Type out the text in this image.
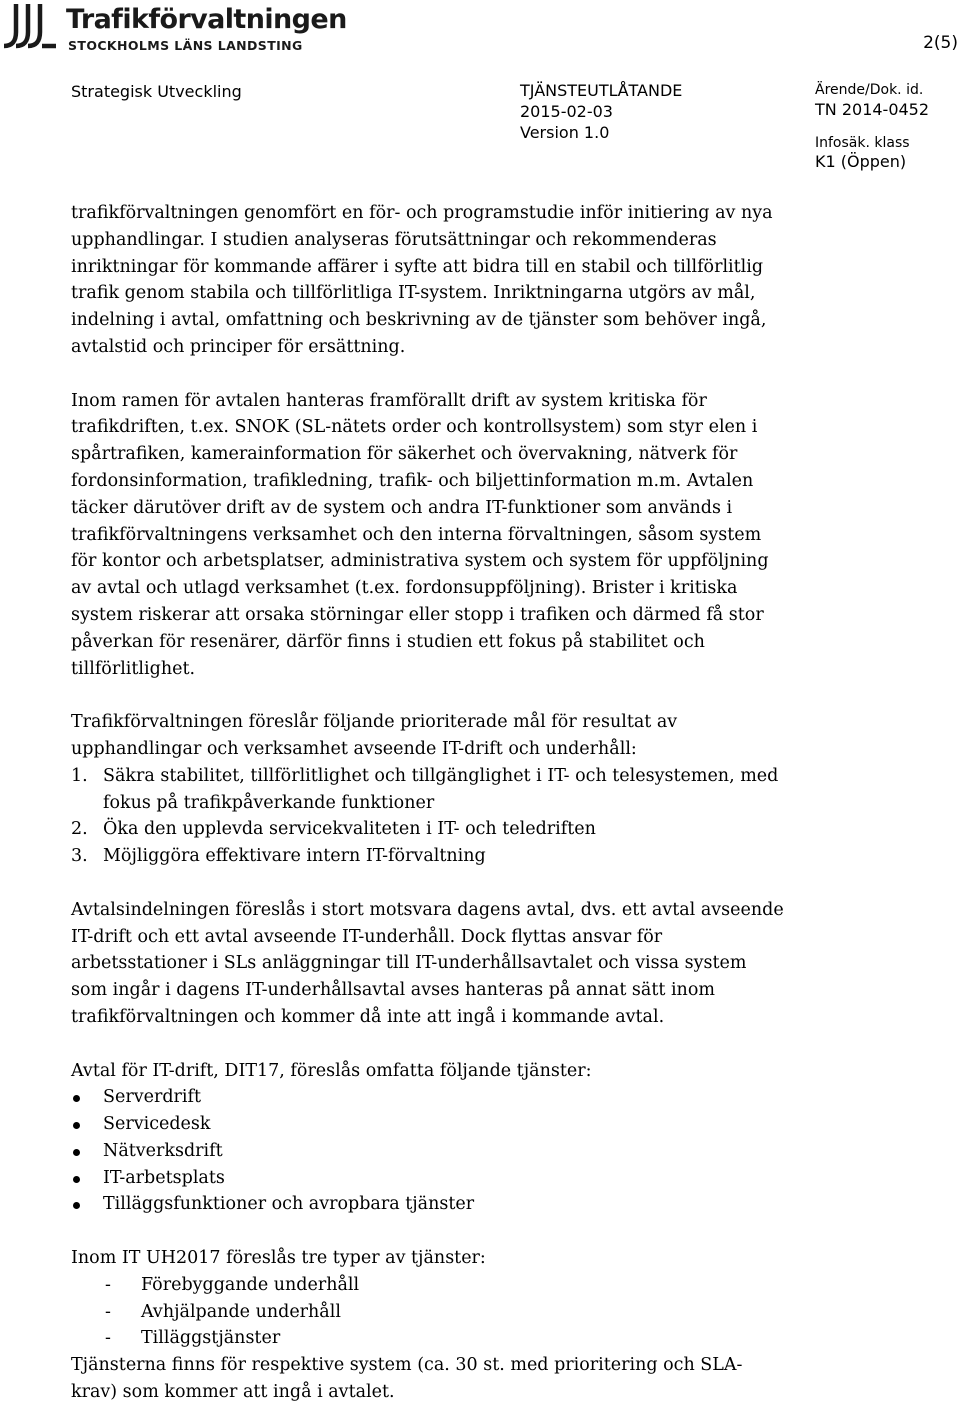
Trafikförvaltningen
STOCKHOLMS LÄNS LANDSTING	2(5)
Strategisk Utveckling	TJÄNSTEUTLÅTANDE
2015-02-03
Version 1.0
Ärende/Dok. id.
TN 2014-0452
Infosäk. klass
K1 (Öppen)
trafikförvaltningen genomfört en för- och programstudie inför initiering av nya
upphandlingar. I studien analyseras förutsättningar och rekommenderas
inriktningar för kommande affärer i syfte att bidra till en stabil och tillförlitlig
trafik genom stabila och tillförlitliga IT-system. Inriktningarna utgörs av mål,
indelning i avtal, omfattning och beskrivning av de tjänster som behöver ingå,
avtalstid och principer för ersättning.
Inom ramen för avtalen hanteras framförallt drift av system kritiska för
trafikdriften, t.ex. SNOK (SL-nätets order och kontrollsystem) som styr elen i
spårtrafiken, kamerainformation för säkerhet och övervakning, nätverk för
fordonsinformation, trafikledning, trafik- och biljettinformation m.m. Avtalen
täcker därutöver drift av de system och andra IT-funktioner som används i
trafikförvaltningens verksamhet och den interna förvaltningen, såsom system
för kontor och arbetsplatser, administrativa system och system för uppföljning
av avtal och utlagd verksamhet (t.ex. fordonsuppföljning). Brister i kritiska
system riskerar att orsaka störningar eller stopp i trafiken och därmed få stor
påverkan för resenärer, därför finns i studien ett fokus på stabilitet och
tillförlitlighet.
Trafikförvaltningen föreslår följande prioriterade mål för resultat av
upphandlingar och verksamhet avseende IT-drift och underhåll:
1. Säkra stabilitet, tillförlitlighet och tillgänglighet i IT- och telesystemen, med
fokus på trafikpåverkande funktioner
2. Öka den upplevda servicekvaliteten i IT- och teledriften
3. Möjliggöra effektivare intern IT-förvaltning
Avtalsindelningen föreslås i stort motsvara dagens avtal, dvs. ett avtal avseende
IT-drift och ett avtal avseende IT-underhåll. Dock flyttas ansvar för
arbetsstationer i SLs anläggningar till IT-underhållsavtalet och vissa system
som ingår i dagens IT-underhållsavtal avses hanteras på annat sätt inom
trafikförvaltningen och kommer då inte att ingå i kommande avtal.
Avtal för IT-drift, DIT17, föreslås omfatta följande tjänster:
Serverdrift
Servicedesk
Nätverksdrift
IT-arbetsplats
Tilläggsfunktioner och avropbara tjänster
Inom IT UH2017 föreslås tre typer av tjänster:
-	Förebyggande underhåll
-	Avhjälpande underhåll
-	Tilläggstjänster
Tjänsterna finns för respektive system (ca. 30 st. med prioritering och SLA-
krav) som kommer att ingå i avtalet.
